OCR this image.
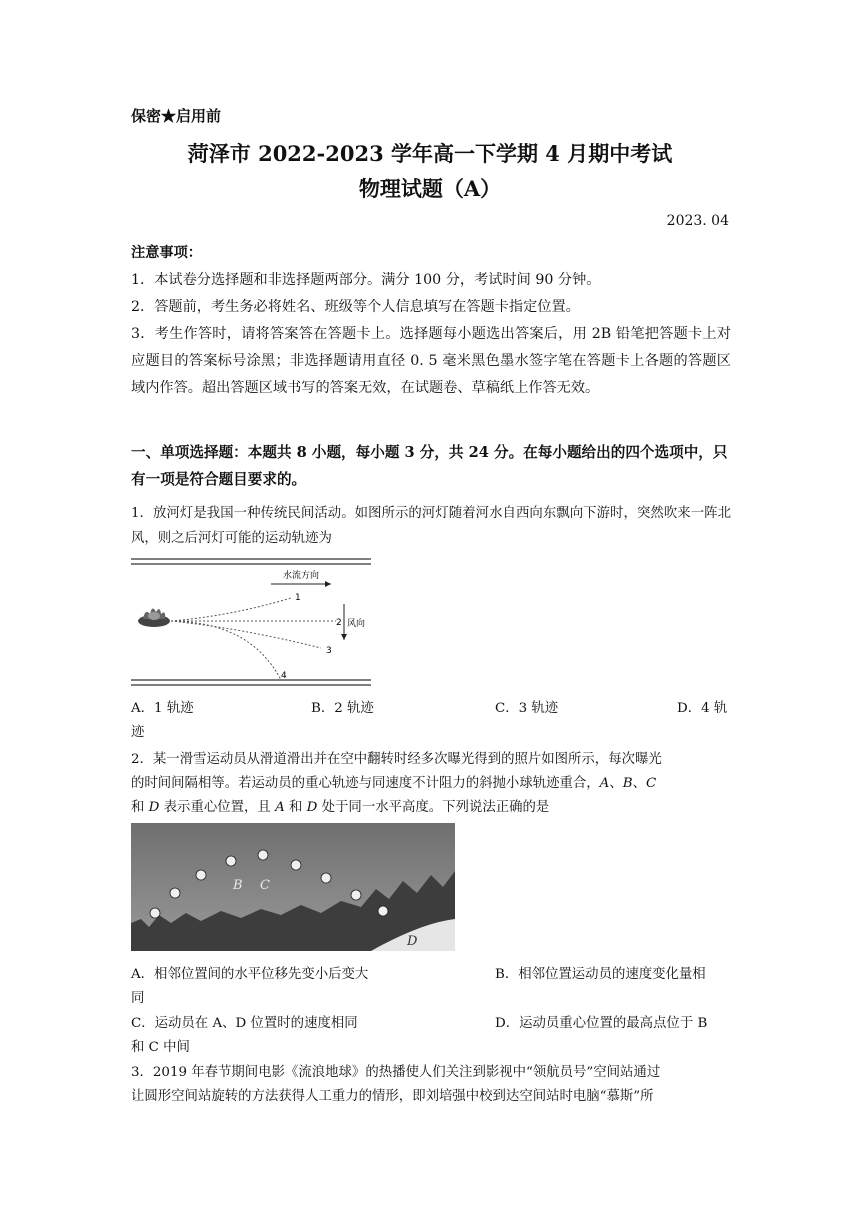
保密★启用前
菏泽市 2022-2023 学年高一下学期 4 月期中考试
物理试题（A）
2023. 04
注意事项：
1．本试卷分选择题和非选择题两部分。满分 100 分，考试时间 90 分钟。
2．答题前，考生务必将姓名、班级等个人信息填写在答题卡指定位置。
3．考生作答时，请将答案答在答题卡上。选择题每小题选出答案后，用 2B 铅笔把答题卡上对应题目的答案标号涂黑；非选择题请用直径 0. 5 毫米黑色墨水签字笔在答题卡上各题的答题区域内作答。超出答题区域书写的答案无效，在试题卷、草稿纸上作答无效。
一、单项选择题：本题共 8 小题，每小题 3 分，共 24 分。在每小题给出的四个选项中，只有一项是符合题目要求的。
1．放河灯是我国一种传统民间活动。如图所示的河灯随着河水自西向东飘向下游时，突然吹来一阵北风，则之后河灯可能的运动轨迹为
水流方向
风向
1
2
3
4
A．1 轨迹	B．2 轨迹	C．3 轨迹	D．4 轨
迹
2．某一滑雪运动员从滑道滑出并在空中翻转时经多次曝光得到的照片如图所示，每次曝光
的时间间隔相等。若运动员的重心轨迹与同速度不计阻力的斜抛小球轨迹重合，A、B、C
和 D 表示重心位置，且 A 和 D 处于同一水平高度。下列说法正确的是
B C
D
A．相邻位置间的水平位移先变小后变大	B．相邻位置运动员的速度变化量相
同
C．运动员在 A、D 位置时的速度相同	D．运动员重心位置的最高点位于 B
和 C 中间
3．2019 年春节期间电影《流浪地球》的热播使人们关注到影视中“领航员号”空间站通过
让圆形空间站旋转的方法获得人工重力的情形，即刘培强中校到达空间站时电脑“慕斯”所
